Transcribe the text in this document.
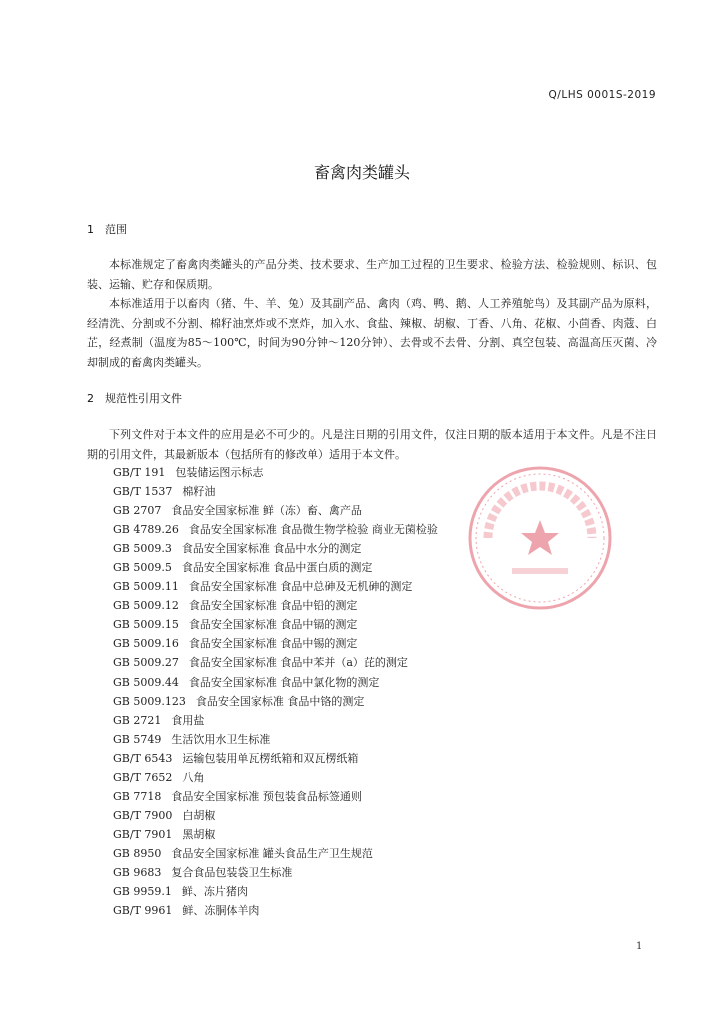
Q/LHS 0001S-2019
畜禽肉类罐头
1 范围
本标准规定了畜禽肉类罐头的产品分类、技术要求、生产加工过程的卫生要求、检验方法、检验规则、标识、包装、运输、贮存和保质期。
本标准适用于以畜肉（猪、牛、羊、兔）及其副产品、禽肉（鸡、鸭、鹅、人工养殖鸵鸟）及其副产品为原料，经清洗、分割或不分割、棉籽油烹炸或不烹炸，加入水、食盐、辣椒、胡椒、丁香、八角、花椒、小茴香、肉蔻、白芷，经煮制（温度为85～100℃，时间为90分钟～120分钟）、去骨或不去骨、分割、真空包装、高温高压灭菌、冷却制成的畜禽肉类罐头。
2 规范性引用文件
下列文件对于本文件的应用是必不可少的。凡是注日期的引用文件，仅注日期的版本适用于本文件。凡是不注日期的引用文件，其最新版本（包括所有的修改单）适用于本文件。
GB/T 191 包装储运图示标志
GB/T 1537 棉籽油
GB 2707 食品安全国家标准 鲜（冻）畜、禽产品
GB 4789.26 食品安全国家标准 食品微生物学检验 商业无菌检验
GB 5009.3 食品安全国家标准 食品中水分的测定
GB 5009.5 食品安全国家标准 食品中蛋白质的测定
GB 5009.11 食品安全国家标准 食品中总砷及无机砷的测定
GB 5009.12 食品安全国家标准 食品中铅的测定
GB 5009.15 食品安全国家标准 食品中镉的测定
GB 5009.16 食品安全国家标准 食品中锡的测定
GB 5009.27 食品安全国家标准 食品中苯并（a）芘的测定
GB 5009.44 食品安全国家标准 食品中氯化物的测定
GB 5009.123 食品安全国家标准 食品中铬的测定
GB 2721 食用盐
GB 5749 生活饮用水卫生标准
GB/T 6543 运输包装用单瓦楞纸箱和双瓦楞纸箱
GB/T 7652 八角
GB 7718 食品安全国家标准 预包装食品标签通则
GB/T 7900 白胡椒
GB/T 7901 黑胡椒
GB 8950 食品安全国家标准 罐头食品生产卫生规范
GB 9683 复合食品包装袋卫生标准
GB 9959.1 鲜、冻片猪肉
GB/T 9961 鲜、冻胴体羊肉
1
